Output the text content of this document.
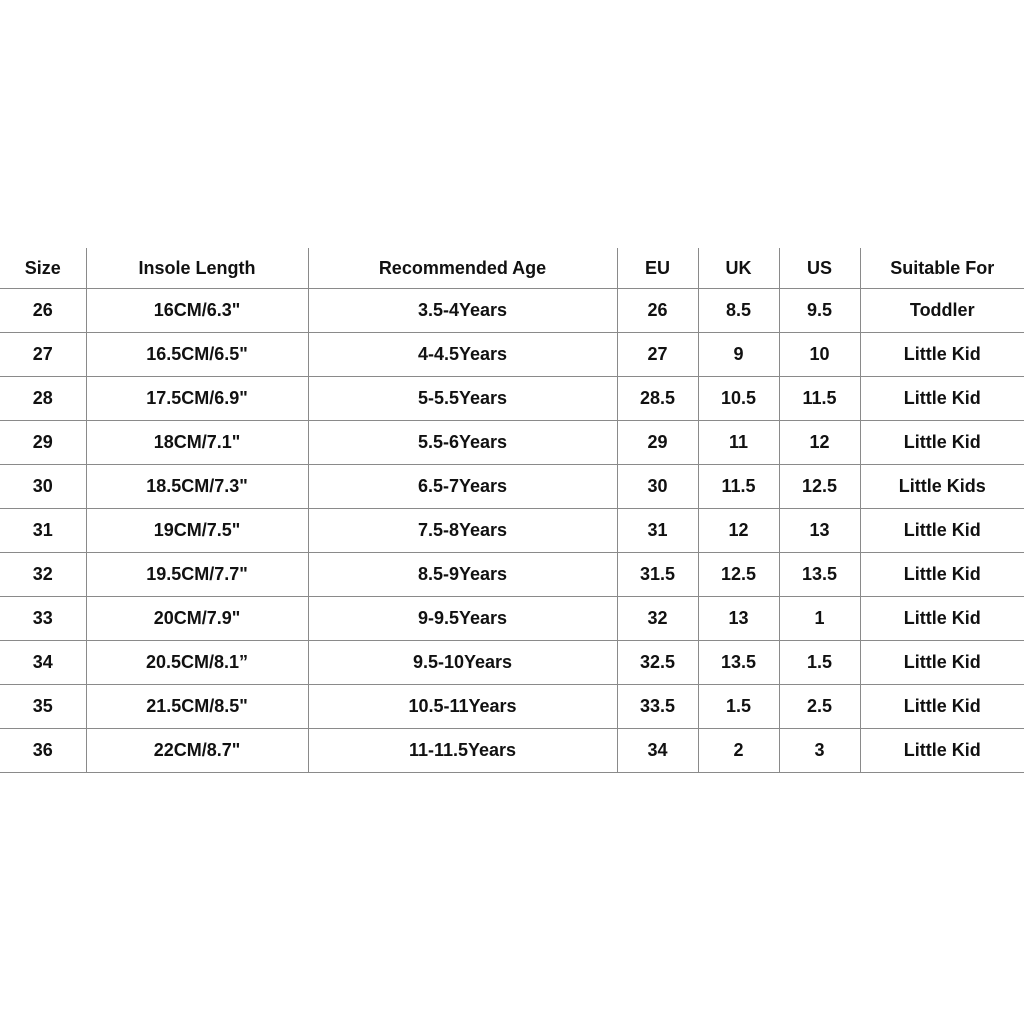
Size	Insole Length	Recommended Age	EU	UK	US	Suitable For
26	16CM/6.3"	3.5-4Years	26	8.5	9.5	Toddler
27	16.5CM/6.5"	4-4.5Years	27	9	10	Little Kid
28	17.5CM/6.9"	5-5.5Years	28.5	10.5	11.5	Little Kid
29	18CM/7.1"	5.5-6Years	29	11	12	Little Kid
30	18.5CM/7.3"	6.5-7Years	30	11.5	12.5	Little Kids
31	19CM/7.5"	7.5-8Years	31	12	13	Little Kid
32	19.5CM/7.7"	8.5-9Years	31.5	12.5	13.5	Little Kid
33	20CM/7.9"	9-9.5Years	32	13	1	Little Kid
34	20.5CM/8.1”	9.5-10Years	32.5	13.5	1.5	Little Kid
35	21.5CM/8.5"	10.5-11Years	33.5	1.5	2.5	Little Kid
36	22CM/8.7"	11-11.5Years	34	2	3	Little Kid
